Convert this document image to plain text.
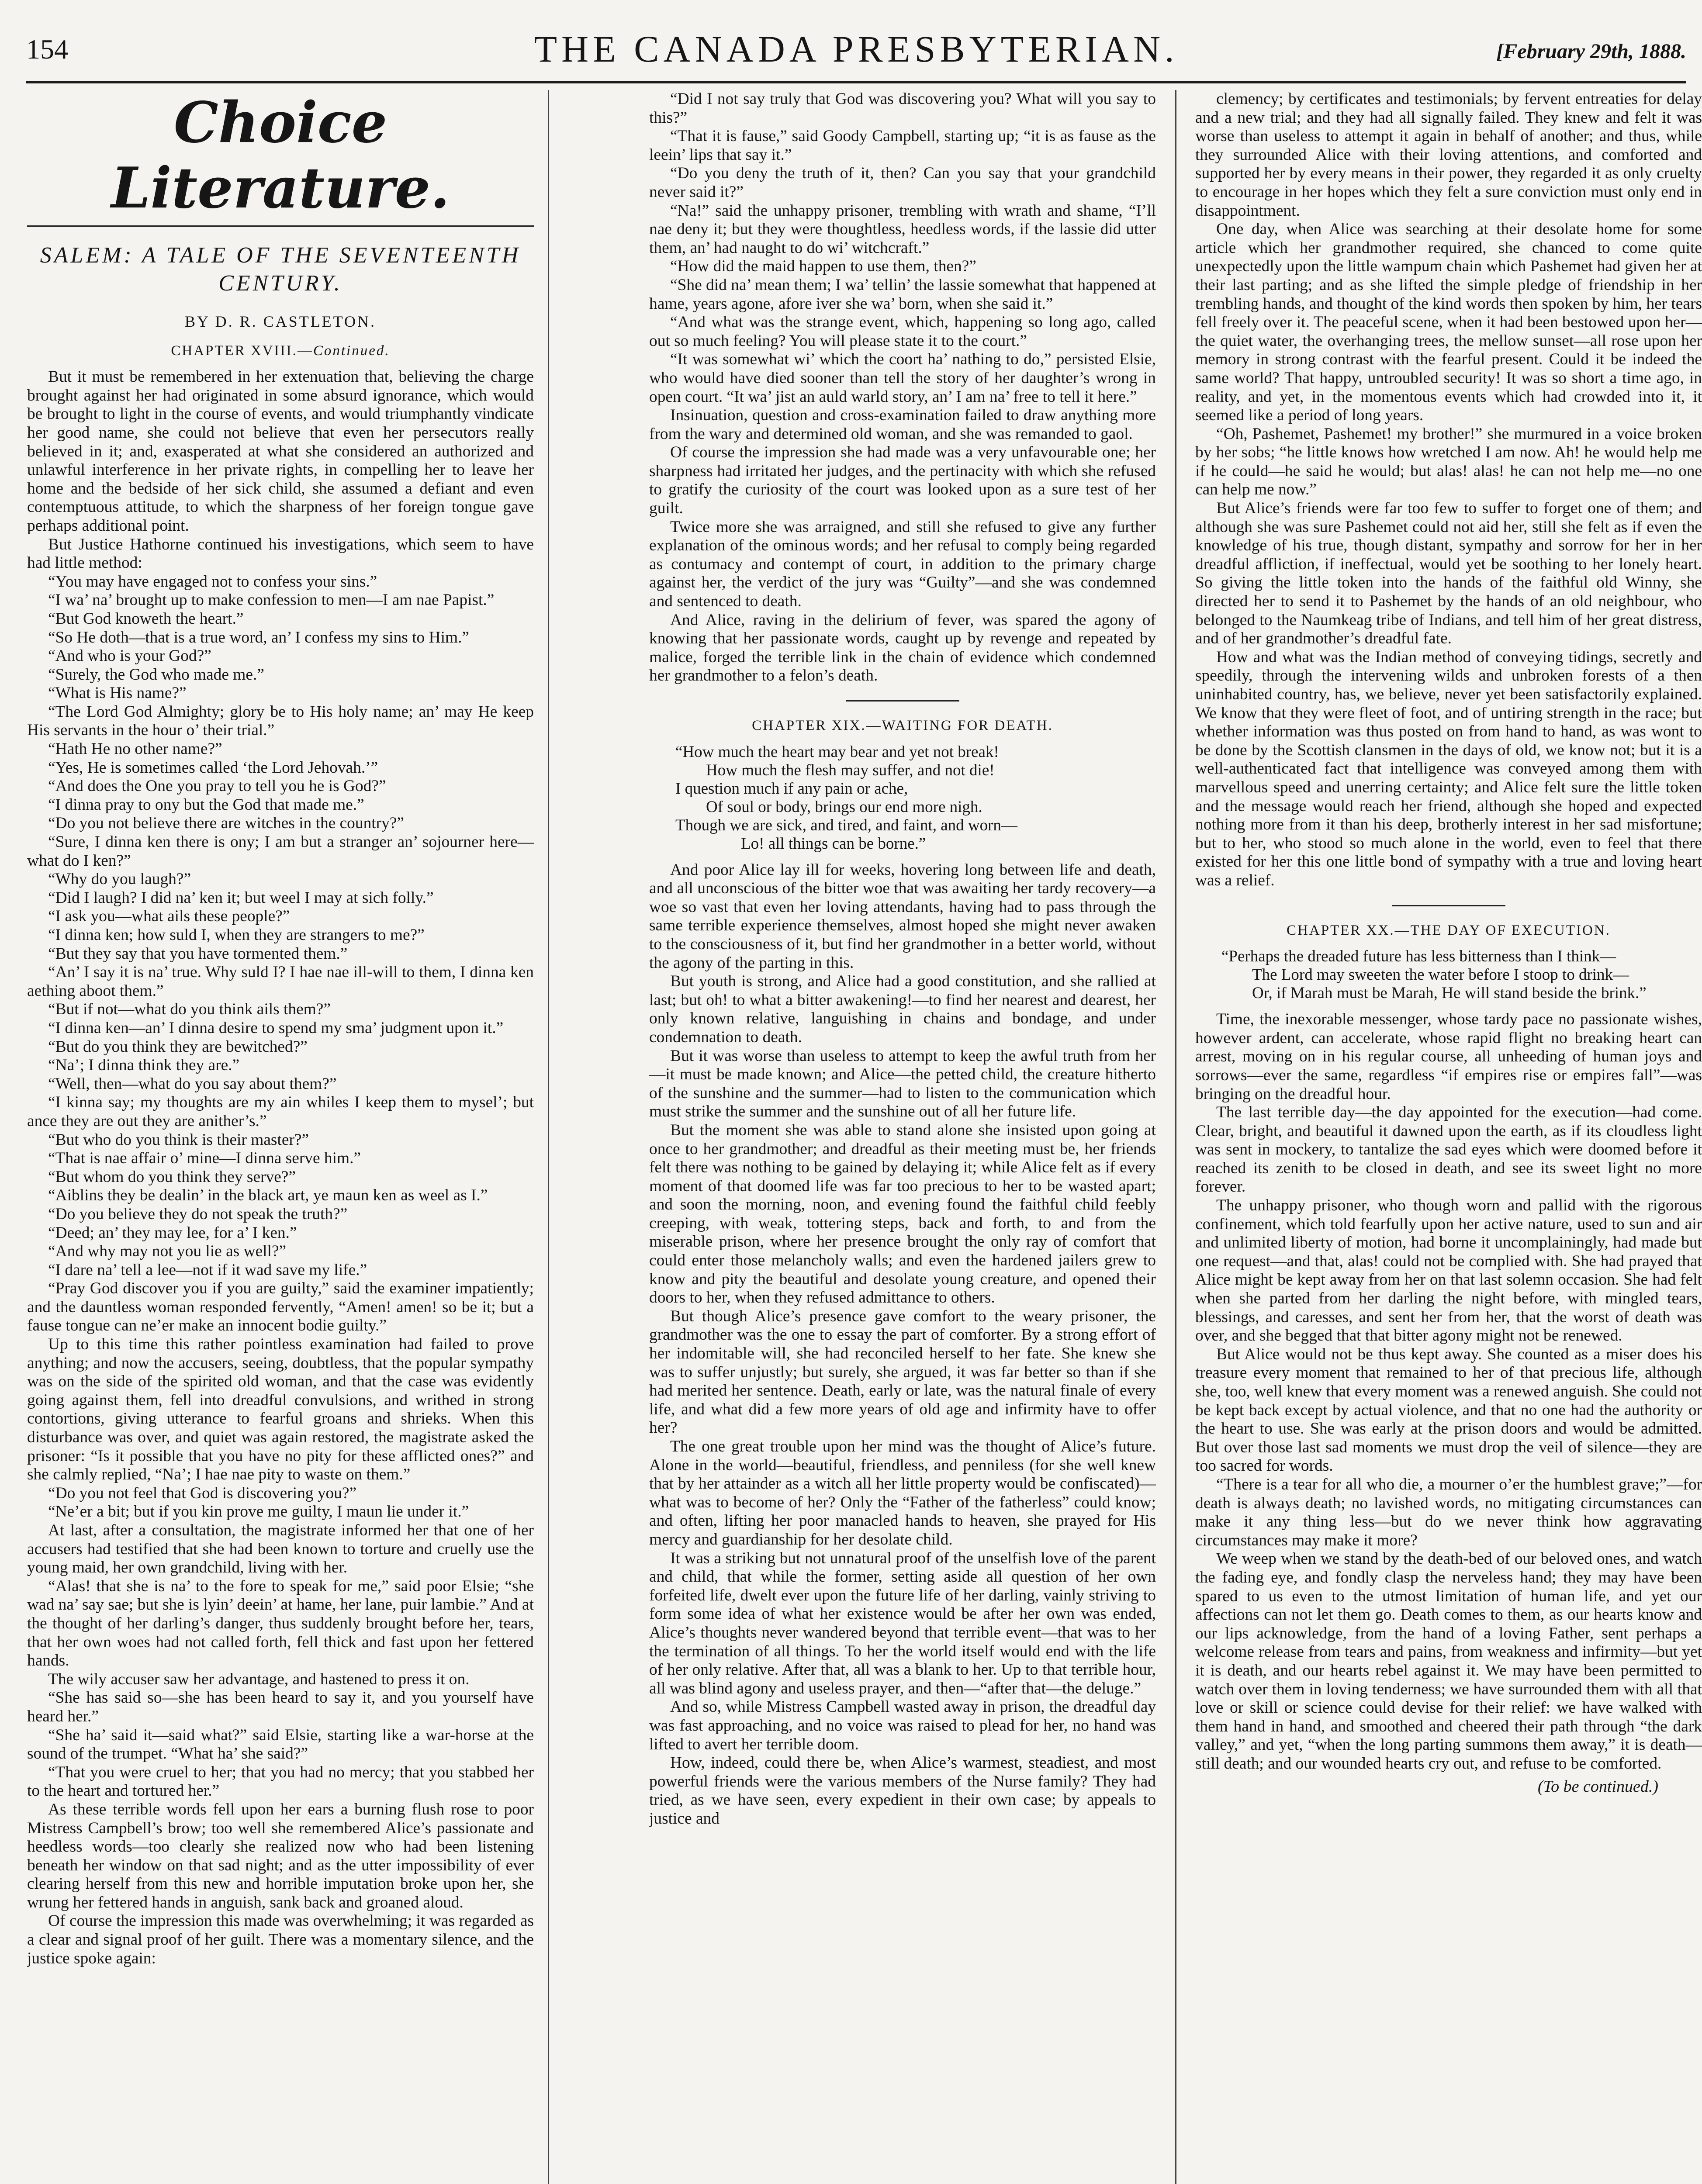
154	THE CANADA PRESBYTERIAN.	[February 29th, 1888.
Choice Literature.
SALEM: A TALE OF THE SEVENTEENTH CENTURY.
BY D. R. CASTLETON.
CHAPTER XVIII.—Continued.

But it must be remembered in her extenuation that, believing the charge brought against her had originated in some absurd ignorance, which would be brought to light in the course of events, and would triumphantly vindicate her good name, she could not believe that even her persecutors really believed in it; and, exasperated at what she considered an authorized and unlawful interference in her private rights, in compelling her to leave her home and the bedside of her sick child, she assumed a defiant and even contemptuous attitude, to which the sharpness of her foreign tongue gave perhaps additional point.

But Justice Hathorne continued his investigations, which seem to have had little method:

“You may have engaged not to confess your sins.”

“I wa’ na’ brought up to make confession to men—I am nae Papist.”

“But God knoweth the heart.”

“So He doth—that is a true word, an’ I confess my sins to Him.”

“And who is your God?”

“Surely, the God who made me.”

“What is His name?”

“The Lord God Almighty; glory be to His holy name; an’ may He keep His servants in the hour o’ their trial.”

“Hath He no other name?”

“Yes, He is sometimes called ‘the Lord Jehovah.’”

“And does the One you pray to tell you he is God?”

“I dinna pray to ony but the God that made me.”

“Do you not believe there are witches in the country?”

“Sure, I dinna ken there is ony; I am but a stranger an’ sojourner here—what do I ken?”

“Why do you laugh?”

“Did I laugh? I did na’ ken it; but weel I may at sich folly.”

“I ask you—what ails these people?”

“I dinna ken; how suld I, when they are strangers to me?”

“But they say that you have tormented them.”

“An’ I say it is na’ true. Why suld I? I hae nae ill-will to them, I dinna ken aething aboot them.”

“But if not—what do you think ails them?”

“I dinna ken—an’ I dinna desire to spend my sma’ judgment upon it.”

“But do you think they are bewitched?”

“Na’; I dinna think they are.”

“Well, then—what do you say about them?”

“I kinna say; my thoughts are my ain whiles I keep them to mysel’; but ance they are out they are anither’s.”

“But who do you think is their master?”

“That is nae affair o’ mine—I dinna serve him.”

“But whom do you think they serve?”

“Aiblins they be dealin’ in the black art, ye maun ken as weel as I.”

“Do you believe they do not speak the truth?”

“Deed; an’ they may lee, for a’ I ken.”

“And why may not you lie as well?”

“I dare na’ tell a lee—not if it wad save my life.”

“Pray God discover you if you are guilty,” said the examiner impatiently; and the dauntless woman responded fervently, “Amen! amen! so be it; but a fause tongue can ne’er make an innocent bodie guilty.”

Up to this time this rather pointless examination had failed to prove anything; and now the accusers, seeing, doubtless, that the popular sympathy was on the side of the spirited old woman, and that the case was evidently going against them, fell into dreadful convulsions, and writhed in strong contortions, giving utterance to fearful groans and shrieks. When this disturbance was over, and quiet was again restored, the magistrate asked the prisoner: “Is it possible that you have no pity for these afflicted ones?” and she calmly replied, “Na’; I hae nae pity to waste on them.”

“Do you not feel that God is discovering you?”

“Ne’er a bit; but if you kin prove me guilty, I maun lie under it.”

At last, after a consultation, the magistrate informed her that one of her accusers had testified that she had been known to torture and cruelly use the young maid, her own grandchild, living with her.

“Alas! that she is na’ to the fore to speak for me,” said poor Elsie; “she wad na’ say sae; but she is lyin’ deein’ at hame, her lane, puir lambie.” And at the thought of her darling’s danger, thus suddenly brought before her, tears, that her own woes had not called forth, fell thick and fast upon her fettered hands.

The wily accuser saw her advantage, and hastened to press it on.

“She has said so—she has been heard to say it, and you yourself have heard her.”

“She ha’ said it—said what?” said Elsie, starting like a war-horse at the sound of the trumpet. “What ha’ she said?”

“That you were cruel to her; that you had no mercy; that you stabbed her to the heart and tortured her.”

As these terrible words fell upon her ears a burning flush rose to poor Mistress Campbell’s brow; too well she remembered Alice’s passionate and heedless words—too clearly she realized now who had been listening beneath her window on that sad night; and as the utter impossibility of ever clearing herself from this new and horrible imputation broke upon her, she wrung her fettered hands in anguish, sank back and groaned aloud.

Of course the impression this made was overwhelming; it was regarded as a clear and signal proof of her guilt. There was a momentary silence, and the justice spoke again:

“Did I not say truly that God was discovering you? What will you say to this?”

“That it is fause,” said Goody Campbell, starting up; “it is as fause as the leein’ lips that say it.”

“Do you deny the truth of it, then? Can you say that your grandchild never said it?”

“Na!” said the unhappy prisoner, trembling with wrath and shame, “I’ll nae deny it; but they were thoughtless, heedless words, if the lassie did utter them, an’ had naught to do wi’ witchcraft.”

“How did the maid happen to use them, then?”

“She did na’ mean them; I wa’ tellin’ the lassie somewhat that happened at hame, years agone, afore iver she wa’ born, when she said it.”

“And what was the strange event, which, happening so long ago, called out so much feeling? You will please state it to the court.”

“It was somewhat wi’ which the coort ha’ nathing to do,” persisted Elsie, who would have died sooner than tell the story of her daughter’s wrong in open court. “It wa’ jist an auld warld story, an’ I am na’ free to tell it here.”

Insinuation, question and cross-examination failed to draw anything more from the wary and determined old woman, and she was remanded to gaol.

Of course the impression she had made was a very unfavourable one; her sharpness had irritated her judges, and the pertinacity with which she refused to gratify the curiosity of the court was looked upon as a sure test of her guilt.

Twice more she was arraigned, and still she refused to give any further explanation of the ominous words; and her refusal to comply being regarded as contumacy and contempt of court, in addition to the primary charge against her, the verdict of the jury was “Guilty”—and she was condemned and sentenced to death.

And Alice, raving in the delirium of fever, was spared the agony of knowing that her passionate words, caught up by revenge and repeated by malice, forged the terrible link in the chain of evidence which condemned her grandmother to a felon’s death.

CHAPTER XIX.—WAITING FOR DEATH.
“How much the heart may bear and yet not break!
How much the flesh may suffer, and not die!
I question much if any pain or ache,
Of soul or body, brings our end more nigh.
Though we are sick, and tired, and faint, and worn—
Lo! all things can be borne.”

And poor Alice lay ill for weeks, hovering long between life and death, and all unconscious of the bitter woe that was awaiting her tardy recovery—a woe so vast that even her loving attendants, having had to pass through the same terrible experience themselves, almost hoped she might never awaken to the consciousness of it, but find her grandmother in a better world, without the agony of the parting in this.

But youth is strong, and Alice had a good constitution, and she rallied at last; but oh! to what a bitter awakening!—to find her nearest and dearest, her only known relative, languishing in chains and bondage, and under condemnation to death.

But it was worse than useless to attempt to keep the awful truth from her—it must be made known; and Alice—the petted child, the creature hitherto of the sunshine and the summer—had to listen to the communication which must strike the summer and the sunshine out of all her future life.

But the moment she was able to stand alone she insisted upon going at once to her grandmother; and dreadful as their meeting must be, her friends felt there was nothing to be gained by delaying it; while Alice felt as if every moment of that doomed life was far too precious to her to be wasted apart; and soon the morning, noon, and evening found the faithful child feebly creeping, with weak, tottering steps, back and forth, to and from the miserable prison, where her presence brought the only ray of comfort that could enter those melancholy walls; and even the hardened jailers grew to know and pity the beautiful and desolate young creature, and opened their doors to her, when they refused admittance to others.

But though Alice’s presence gave comfort to the weary prisoner, the grandmother was the one to essay the part of comforter. By a strong effort of her indomitable will, she had reconciled herself to her fate. She knew she was to suffer unjustly; but surely, she argued, it was far better so than if she had merited her sentence. Death, early or late, was the natural finale of every life, and what did a few more years of old age and infirmity have to offer her?

The one great trouble upon her mind was the thought of Alice’s future. Alone in the world—beautiful, friendless, and penniless (for she well knew that by her attainder as a witch all her little property would be confiscated)—what was to become of her? Only the “Father of the fatherless” could know; and often, lifting her poor manacled hands to heaven, she prayed for His mercy and guardianship for her desolate child.

It was a striking but not unnatural proof of the unselfish love of the parent and child, that while the former, setting aside all question of her own forfeited life, dwelt ever upon the future life of her darling, vainly striving to form some idea of what her existence would be after her own was ended, Alice’s thoughts never wandered beyond that terrible event—that was to her the termination of all things. To her the world itself would end with the life of her only relative. After that, all was a blank to her. Up to that terrible hour, all was blind agony and useless prayer, and then—“after that—the deluge.”

And so, while Mistress Campbell wasted away in prison, the dreadful day was fast approaching, and no voice was raised to plead for her, no hand was lifted to avert her terrible doom.

How, indeed, could there be, when Alice’s warmest, steadiest, and most powerful friends were the various members of the Nurse family? They had tried, as we have seen, every expedient in their own case; by appeals to justice and

clemency; by certificates and testimonials; by fervent entreaties for delay and a new trial; and they had all signally failed. They knew and felt it was worse than useless to attempt it again in behalf of another; and thus, while they surrounded Alice with their loving attentions, and comforted and supported her by every means in their power, they regarded it as only cruelty to encourage in her hopes which they felt a sure conviction must only end in disappointment.

One day, when Alice was searching at their desolate home for some article which her grandmother required, she chanced to come quite unexpectedly upon the little wampum chain which Pashemet had given her at their last parting; and as she lifted the simple pledge of friendship in her trembling hands, and thought of the kind words then spoken by him, her tears fell freely over it. The peaceful scene, when it had been bestowed upon her—the quiet water, the overhanging trees, the mellow sunset—all rose upon her memory in strong contrast with the fearful present. Could it be indeed the same world? That happy, untroubled security! It was so short a time ago, in reality, and yet, in the momentous events which had crowded into it, it seemed like a period of long years.

“Oh, Pashemet, Pashemet! my brother!” she murmured in a voice broken by her sobs; “he little knows how wretched I am now. Ah! he would help me if he could—he said he would; but alas! alas! he can not help me—no one can help me now.”

But Alice’s friends were far too few to suffer to forget one of them; and although she was sure Pashemet could not aid her, still she felt as if even the knowledge of his true, though distant, sympathy and sorrow for her in her dreadful affliction, if ineffectual, would yet be soothing to her lonely heart. So giving the little token into the hands of the faithful old Winny, she directed her to send it to Pashemet by the hands of an old neighbour, who belonged to the Naumkeag tribe of Indians, and tell him of her great distress, and of her grandmother’s dreadful fate.

How and what was the Indian method of conveying tidings, secretly and speedily, through the intervening wilds and unbroken forests of a then uninhabited country, has, we believe, never yet been satisfactorily explained. We know that they were fleet of foot, and of untiring strength in the race; but whether information was thus posted on from hand to hand, as was wont to be done by the Scottish clansmen in the days of old, we know not; but it is a well-authenticated fact that intelligence was conveyed among them with marvellous speed and unerring certainty; and Alice felt sure the little token and the message would reach her friend, although she hoped and expected nothing more from it than his deep, brotherly interest in her sad misfortune; but to her, who stood so much alone in the world, even to feel that there existed for her this one little bond of sympathy with a true and loving heart was a relief.

CHAPTER XX.—THE DAY OF EXECUTION.
“Perhaps the dreaded future has less bitterness than I think—
The Lord may sweeten the water before I stoop to drink—
Or, if Marah must be Marah, He will stand beside the brink.”

Time, the inexorable messenger, whose tardy pace no passionate wishes, however ardent, can accelerate, whose rapid flight no breaking heart can arrest, moving on in his regular course, all unheeding of human joys and sorrows—ever the same, regardless “if empires rise or empires fall”—was bringing on the dreadful hour.

The last terrible day—the day appointed for the execution—had come. Clear, bright, and beautiful it dawned upon the earth, as if its cloudless light was sent in mockery, to tantalize the sad eyes which were doomed before it reached its zenith to be closed in death, and see its sweet light no more forever.

The unhappy prisoner, who though worn and pallid with the rigorous confinement, which told fearfully upon her active nature, used to sun and air and unlimited liberty of motion, had borne it uncomplainingly, had made but one request—and that, alas! could not be complied with. She had prayed that Alice might be kept away from her on that last solemn occasion. She had felt when she parted from her darling the night before, with mingled tears, blessings, and caresses, and sent her from her, that the worst of death was over, and she begged that that bitter agony might not be renewed.

But Alice would not be thus kept away. She counted as a miser does his treasure every moment that remained to her of that precious life, although she, too, well knew that every moment was a renewed anguish. She could not be kept back except by actual violence, and that no one had the authority or the heart to use. She was early at the prison doors and would be admitted. But over those last sad moments we must drop the veil of silence—they are too sacred for words.

“There is a tear for all who die, a mourner o’er the humblest grave;”—for death is always death; no lavished words, no mitigating circumstances can make it any thing less—but do we never think how aggravating circumstances may make it more?

We weep when we stand by the death-bed of our beloved ones, and watch the fading eye, and fondly clasp the nerveless hand; they may have been spared to us even to the utmost limitation of human life, and yet our affections can not let them go. Death comes to them, as our hearts know and our lips acknowledge, from the hand of a loving Father, sent perhaps a welcome release from tears and pains, from weakness and infirmity—but yet it is death, and our hearts rebel against it. We may have been permitted to watch over them in loving tenderness; we have surrounded them with all that love or skill or science could devise for their relief: we have walked with them hand in hand, and smoothed and cheered their path through “the dark valley,” and yet, “when the long parting summons them away,” it is death—still death; and our wounded hearts cry out, and refuse to be comforted.

(To be continued.)
